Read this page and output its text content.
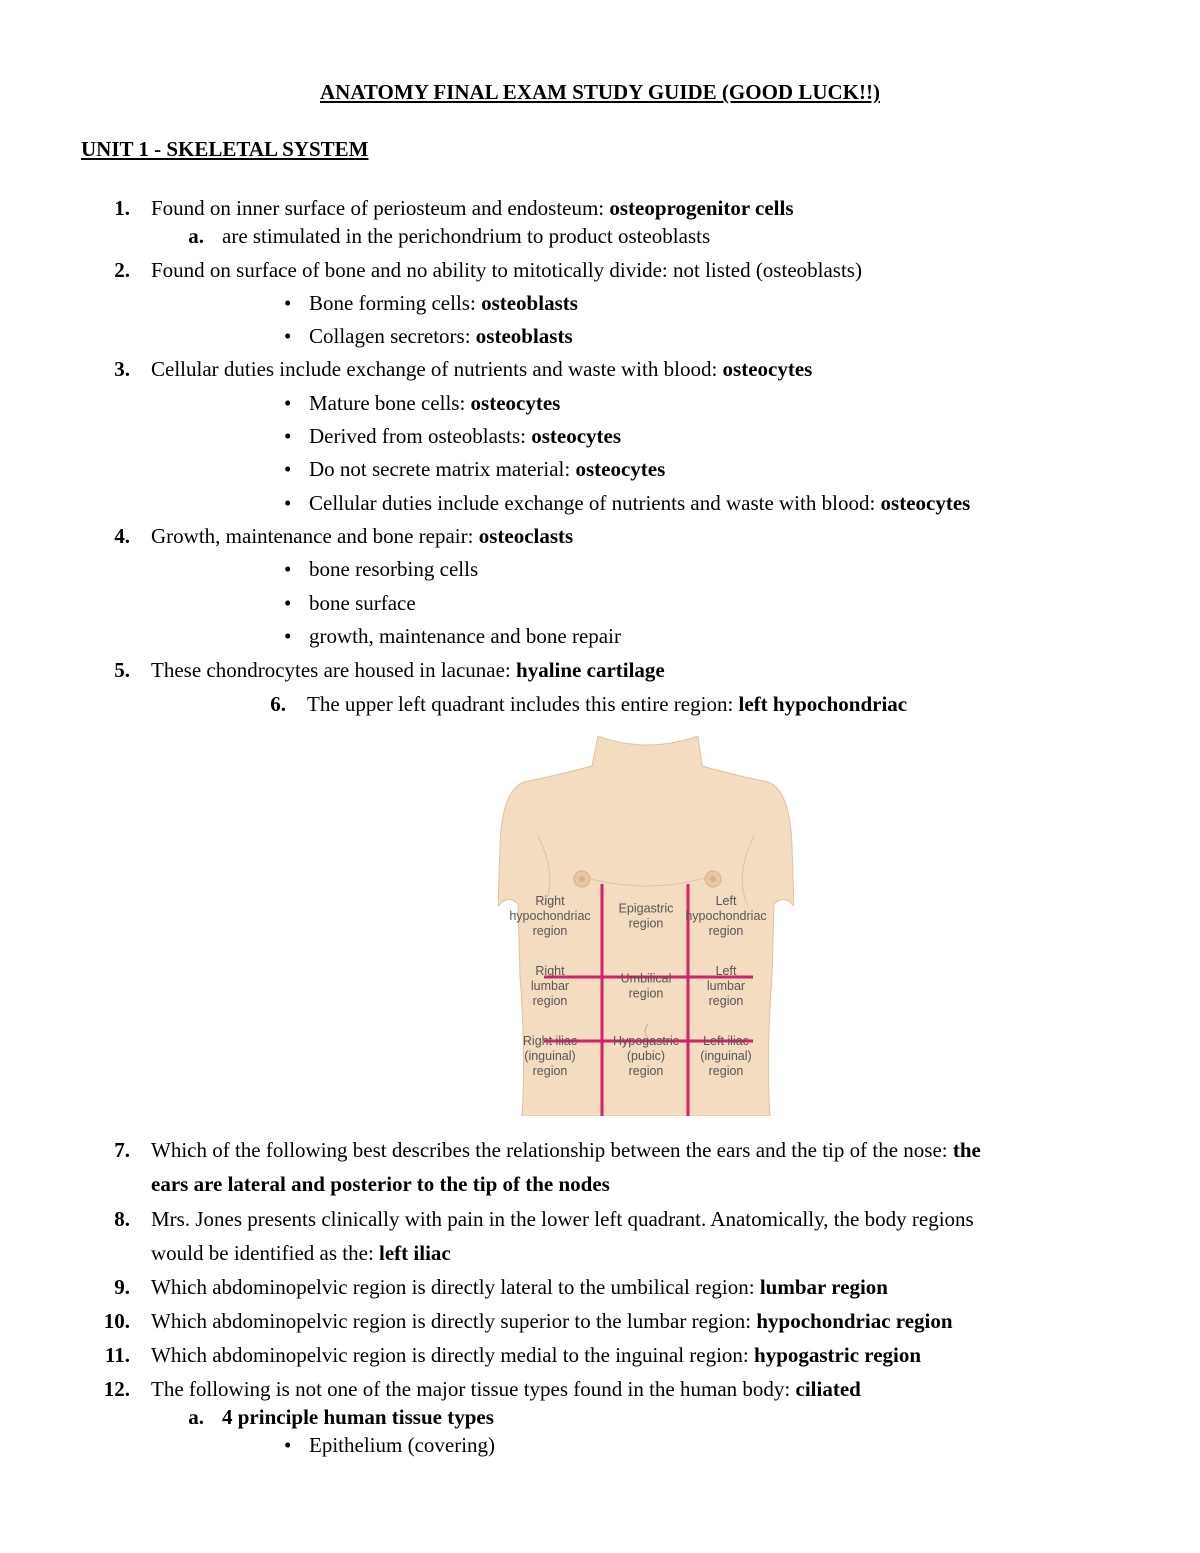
ANATOMY FINAL EXAM STUDY GUIDE (GOOD LUCK!!)
UNIT 1 - SKELETAL SYSTEM
1. Found on inner surface of periosteum and endosteum: osteoprogenitor cells
a. are stimulated in the perichondrium to product osteoblasts
2. Found on surface of bone and no ability to mitotically divide: not listed (osteoblasts)
• Bone forming cells: osteoblasts
• Collagen secretors: osteoblasts
3. Cellular duties include exchange of nutrients and waste with blood: osteocytes
• Mature bone cells: osteocytes
• Derived from osteoblasts: osteocytes
• Do not secrete matrix material: osteocytes
• Cellular duties include exchange of nutrients and waste with blood: osteocytes
4. Growth, maintenance and bone repair: osteoclasts
• bone resorbing cells
• bone surface
• growth, maintenance and bone repair
5. These chondrocytes are housed in lacunae: hyaline cartilage
6. The upper left quadrant includes this entire region: left hypochondriac
Right hypochondriac region
Epigastric region
Left hypochondriac region
Right lumbar region
Umbilical region
Left lumbar region
Right iliac (inguinal) region
Hypogastric (pubic) region
Left iliac (inguinal) region
7. Which of the following best describes the relationship between the ears and the tip of the nose: the
ears are lateral and posterior to the tip of the nodes
8. Mrs. Jones presents clinically with pain in the lower left quadrant. Anatomically, the body regions
would be identified as the: left iliac
9. Which abdominopelvic region is directly lateral to the umbilical region: lumbar region
10. Which abdominopelvic region is directly superior to the lumbar region: hypochondriac region
11. Which abdominopelvic region is directly medial to the inguinal region: hypogastric region
12. The following is not one of the major tissue types found in the human body: ciliated
a. 4 principle human tissue types
• Epithelium (covering)
